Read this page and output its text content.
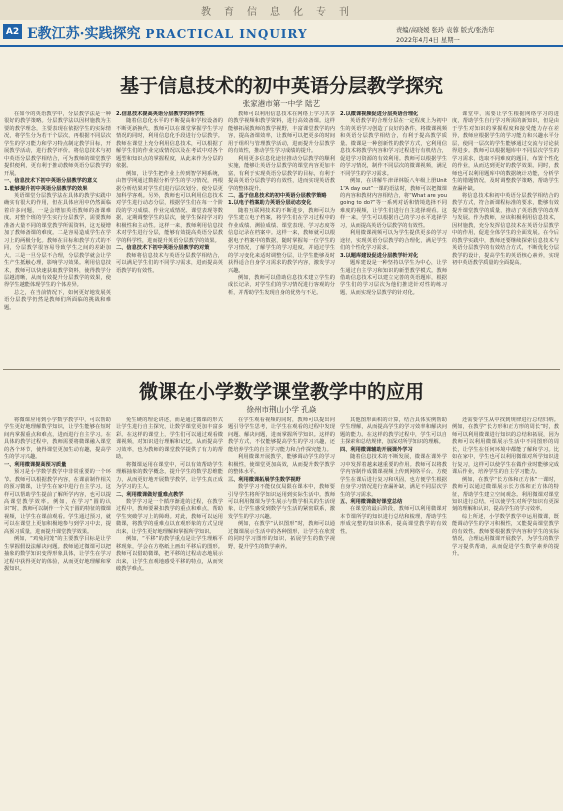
教育信息化专刊
A2 E教江苏·实践探究 PRACTICAL INQUIRY	责编/高晓媛 张玲 袁蓉 版式/张浩年
2022年4月4日 星期一
基于信息技术的初中英语分层教学探究
张家港市第一中学 陆艺

在如今的英语教学中，分层教学法是一种很好的教学策略。分层教学法以因材施教为主要的教学理念，主要表现在依据学生的实际情况，将学生分为若干个层次，再根据不同层次学生的学习能力和学习特点制定教学目标，开展教学活动，进行教学评价。将信息技术与初中英语分层教学相结合，可为教师的课堂教学提供便利，更有利于推动教师英语分层教学的开展。

一、信息技术下初中英语分层教学的意义

1.能够提升初中英语分层教学的效果

英语课堂分层教学法在具体的教学实践中确实有很大的作用，但在具体应用中仍然面临着许多问题，一是会增加英语教师的备课难度。对整个班的学生实行分层教学，需要教师准备大量不同的课堂教学所需资料，这无疑增加了教师备课的难度。二是容易造成学生在学习上的两极分化。教师在目标和教学方式的不同，分层教学很容易导致学生之间的差距加大。三是一旦分层不合理，分层教学就会让学生产生抵触心理，影响学习效果。利用信息技术，教师可以快速获取教学资料，使得教学分层越清晰，从而有效提升分层教学的效果，使得学生越能体现学生的个体差异。

总之，在当前情况下，如何更好地发展英语分层教学仍然是教师们所面临的挑战和难题。

2.信息技术提高英语分层教学的科学性

随着信息化水平的不断提高和学校设备的不断更新换代，教师可以在课堂掌握学生学习情况的同时，利用信息化手段进行分层教学。教师在课堂上充分利用信息技术，可以根据了解学生们的作业完成情况以及在考试中对各个题型和知识点的掌握程度，从此来作为分层的依据。

例如，让学生把作业上传到智学网系统，由智学网通过数据分析学生的学习情况，再根据分析结果对学生们进行层次划分，使分层更加科学客观。另外，教师也可以利用信息技术对学生进行动态分层，根据学生们在每一个阶段的学习成绩、作业完成情况、课堂表现等数据，定期调整学生的层次，使学生保持学习的积极性和主动性。这样一来，教师利用信息技术对学生进行分层，能够有效提高英语分层教学的科学性，进而提升英语分层教学的效果。

二、信息技术下初中英语分层教学的对策

教师将信息技术与英语分层教学相结合，可以满足学生们的不同学习需求，进而提高英语教学的有效性。

教师可以利用信息技术在网络上学习共享的教学视频和教学资料，进行高效备课。这样能够拓展教师的教学视野，丰富课堂教学的内容，提高备课效率，让教师可以把更多的时间用于组织与管理教学活动，进而提升分层教学的有效性，推动学生学习成绩的提升。

利用更多信息化途径推动分层教学的顺利实施，能够让英语分层教学的课堂内容更加丰富，有利于实现英语分层教学的目标，有利于提高英语分层教学的有效性，进而实现英语教学的整体提升。

二、基于信息技术的初中英语分层教学策略

1.以电子档案助力英语分层动态变化

随着互联网技术的不断进步，教师可以为学生建立电子档案，将学生们在学习过程中的作业成绩、测验成绩、课堂表现、学习态度等信息记录在档案中。这样一来，教师就可以根据电子档案中的数据，随时掌握每一位学生的学习情况，了解学生的学习进度，并通过学生的学习变化来适时调整分层，让学生能够及时获得适合自身学习需求的教学内容，激发学习兴趣。

例如，教师可以借助信息技术建立学生的成长记录，对学生们的学习情况进行客观的分析，并帮助学生发现自身的优势与不足。

2.以微课视频促进分层英语合理化

英语教学的合理分层在一定程度上为初中生的英语学习创造了良好的条件，将微课视频和英语分层教学相结合，有利于提高教学质量。微课是一种创新性的教学方式，它利用信息技术将教学内容和学习过程进行有机结合，促进学习资源的有效利用。教师可以根据学生的学习情况，制作不同层次的微课视频，满足不同学生的学习需求。

例如，在讲解牛津译林版八年级上册Unit 1“A day out”一课的语法时，教师可以把微课的内容和教材内容相结合，将“What are you going to do?”等一系列对话和情境选择不同难度的视频，让学生们进行自主选择观看。这样一来，学生可以根据自己的学习水平选择学习，从而提高英语分层教学的有效性。

利用微课视频可以为学生提供更多的学习途径，实现英语分层教学的合理化，满足学生们的个性化学习需求。

3.以题库建设促进分层教学针对化

题库建设是一种坚持以学生为中心，让学生通过自主学习和知识的新型教学模式。教师借助信息技术可以建立完善的英语题库，根据学生们的学习层次为他们推送针对性的练习题，从而实现分层教学的针对化。

课堂中，需要让学生根据网络学习的进度，帮助学生自行学习所需的新知识，但是由于学生对知识的掌握程度和接受能力存在差异，教师应根据学生的学习能力和兴趣水平分层，使同一层次的学生能够通过交流与讨论获得进步。教师可以根据题库中不同层次学生的学习需求，选取不同难度的题目，布置个性化的作业，从而达到更好的教学效果。同时，教师也可以利用题库中的数据统计功能，分析学生的错题情况，及时调整教学策略，帮助学生查漏补缺。

将信息技术和初中英语分层教学相结合的教学方式，符合新课程标准的要求，能够有效提升课堂教学的质量，推动了英语教学的改革与发展。作为教师，应该积极利用信息技术，因材施教，充分发挥信息技术在英语分层教学中的作用，促进全体学生的全面发展。在今后的教学实践中，教师还要继续探索信息技术与英语分层教学的有效结合方式，不断优化分层教学的设计，提高学生的英语核心素养，实现初中英语教学质量的全面提高。

微课在小学数学课堂教学中的应用
徐州市荆山小学 孔焱

将微课应用到小学数学教学中，可以帮助学生更好地理解数学知识，让学生能够在短时间内掌握重点和难点，进而进行自主学习。在具体的教学过程中，教师需要将微课融入课堂的各个环节，使得课堂更加生动有趣，提高学生的学习兴趣。

一、利用微课提高预习质量

预习是小学数学教学中非常重要的一个环节。教师可以根据教学内容，在课前制作相关的预习微课，让学生在家中进行自主学习。这样可以帮助学生提前了解所学内容，也可以提高课堂教学效率。例如，在学习“圆的认识”时，教师可以制作一个关于圆的特征的微课视频，让学生在课前观看。学生通过预习，就可以在课堂上更加积极地参与到学习中去，提高预习质量，进而提升课堂教学效果。

例如，“鸡兔同笼”的主要教学目标是让学生掌握假设法解决问题。教师通过微课可以把抽象的数学知识变得形象具体，让学生在学习过程中获得更好的体验，从而更好地理解和掌握知识。

免生硬的理论讲述，而是通过微课的形式让学生进行自主探究，让数学课堂更加丰富多彩。在这样的课堂上，学生们可以通过观看微课视频，对知识进行理解和记忆，从而提高学习效率，也为教师的课堂教学提供了有力的帮助。

将微课运用在课堂中，可以有效帮助学生理解抽象的数学概念，提升学生的数学思维能力，从而更好地开展数学教学，让学生真正成为学习的主人。

二、利用微课做好重难点教学

数学学习是一个循序渐进的过程，在教学过程中，教师要紧扣教学的重点和难点，帮助学生突破学习上的障碍。对此，教师可以运用微课，将教学的重难点以直观形象的方式呈现出来，让学生更好地理解和掌握所学知识。

例如，“平移”的教学重点是让学生理解平移现象，学会在方格纸上画出平移后的图形。教师可以借助微课，把平移的过程动态地展示出来，让学生直观地感受平移的特点，从而突破教学难点。

在学生观看视频的同时，教师可以提出问题引导学生思考，让学生在观看的过程中发现问题、解决问题，进而掌握所学知识。这样的教学方式，不仅能够提高学生的学习兴趣，还能培养学生的自主学习能力和合作探究能力。

利用微课开展教学，能够调动学生的学习积极性，使课堂更加高效，从而提升数学教学的整体水平。

三、利用微课拓展学生数学视野

数学学习不能仅仅局限在课本中，教师要引导学生将所学知识运用到实际生活中。教师可以利用微课为学生展示与数学相关的生活现象，让学生感受到数学与生活的紧密联系，激发学生的学习兴趣。

例如，在教学“认识图形”时，教师可以通过微课展示生活中的各种图形，让学生在欣赏的同时学习图形的知识，拓展学生的数学视野，提升学生的数学素养。

其他图形面积的计算，结合具体实例帮助学生理解，从而提高学生的学习效率和解决问题的能力。在这样的教学过程中，学生可以自主探索和总结规律，加深对所学知识的理解。

四、利用微课辅助开展课外学习

随着信息技术的不断发展，微课在课外学习中发挥着越来越重要的作用。教师可以将教学内容制作成微课视频上传到网络平台，方便学生在课后进行复习和巩固，也方便学生根据自身学习情况进行查漏补缺，满足不同层次学生的学习需求。

五、利用微课做好课堂总结

在课堂的最后阶段，教师可以利用微课对本节课所学的知识进行总结和梳理，帮助学生形成完整的知识体系，提高课堂教学的有效性。

还需要学生从中找到规律进行总结归纳。例如，在教学“长方形和正方形的周长”时，教师可以利用微课进行知识的总结和拓展，因为教师可以利用微课展示生活中不同图形的周长，让学生在任何环境中都能了解和学习。比如在家中，学生也可以利用微课对所学知识进行复习，这样可以使学生在做作业时能够完成课后作业，培养学生的自主学习能力。

例如，在教学“长方体和正方体”一课时，教师可以通过微课展示长方体和正方体的特征，帮助学生建立空间观念。利用微课对课堂知识进行总结，可以使学生对所学知识有更深刻的理解和认识，提高学生的学习效率。

综上所述，小学数学教学中运用微课，既能调动学生的学习积极性，又能提高课堂教学的有效性。教师要根据教学内容和学生的实际情况，合理运用微课开展教学，为学生的数学学习提供帮助，从而促进学生数学素养的提升。
